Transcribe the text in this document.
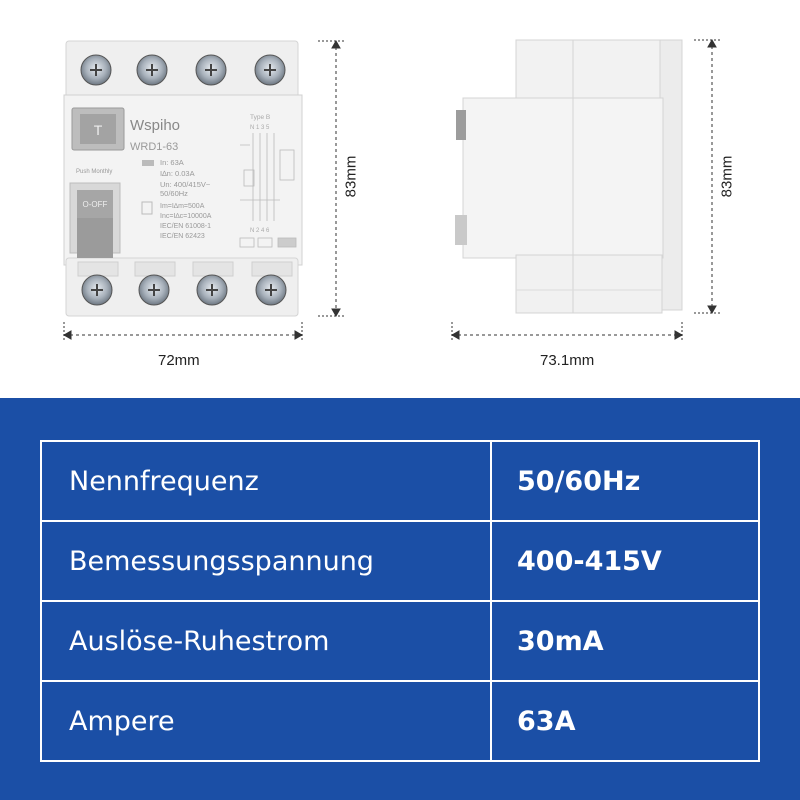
T Wspiho
WRD1-63
Push Monthly
O-OFF
In: 63A
I∆n: 0.03A
Un: 400/415V~
50/60Hz
Im=I∆m=500A
Inc=I∆c=10000A
IEC/EN 61008-1
IEC/EN 62423
Type B
N 1 3 5
N 2 4 6
72mm
83mm
73.1mm
83mm
Nennfrequenz	50/60Hz
Bemessungsspannung	400-415V
Auslöse-Ruhestrom	30mA
Ampere	63A
